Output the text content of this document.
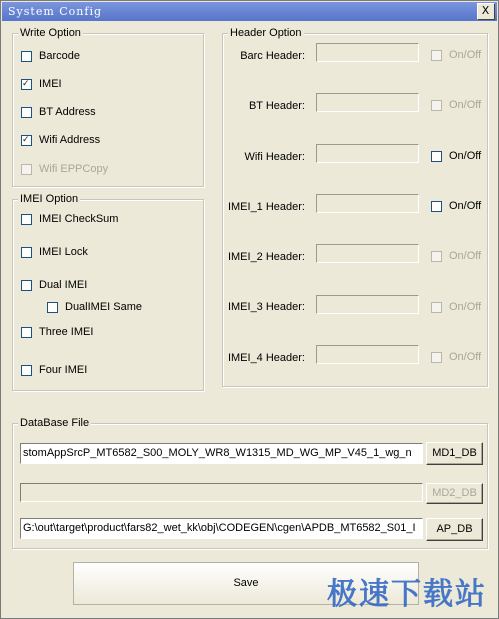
System Config	X
Write Option
Barcode
✓
IMEI
BT Address
✓
Wifi Address
Wifi EPPCopy
IMEI Option
IMEI CheckSum
IMEI Lock
Dual IMEI
DualIMEI Same
Three IMEI
Four IMEI
Header Option
Barc Header:	On/Off
BT Header:	On/Off
Wifi Header:	On/Off
IMEI_1 Header:	On/Off
IMEI_2 Header:	On/Off
IMEI_3 Header:	On/Off
IMEI_4 Header:	On/Off
DataBase File
stomAppSrcP_MT6582_S00_MOLY_WR8_W1315_MD_WG_MP_V45_1_wg_n	MD1_DB
MD2_DB
G:\out\target\product\fars82_wet_kk\obj\CODEGEN\cgen\APDB_MT6582_S01_I	AP_DB
Save	极速下载站
